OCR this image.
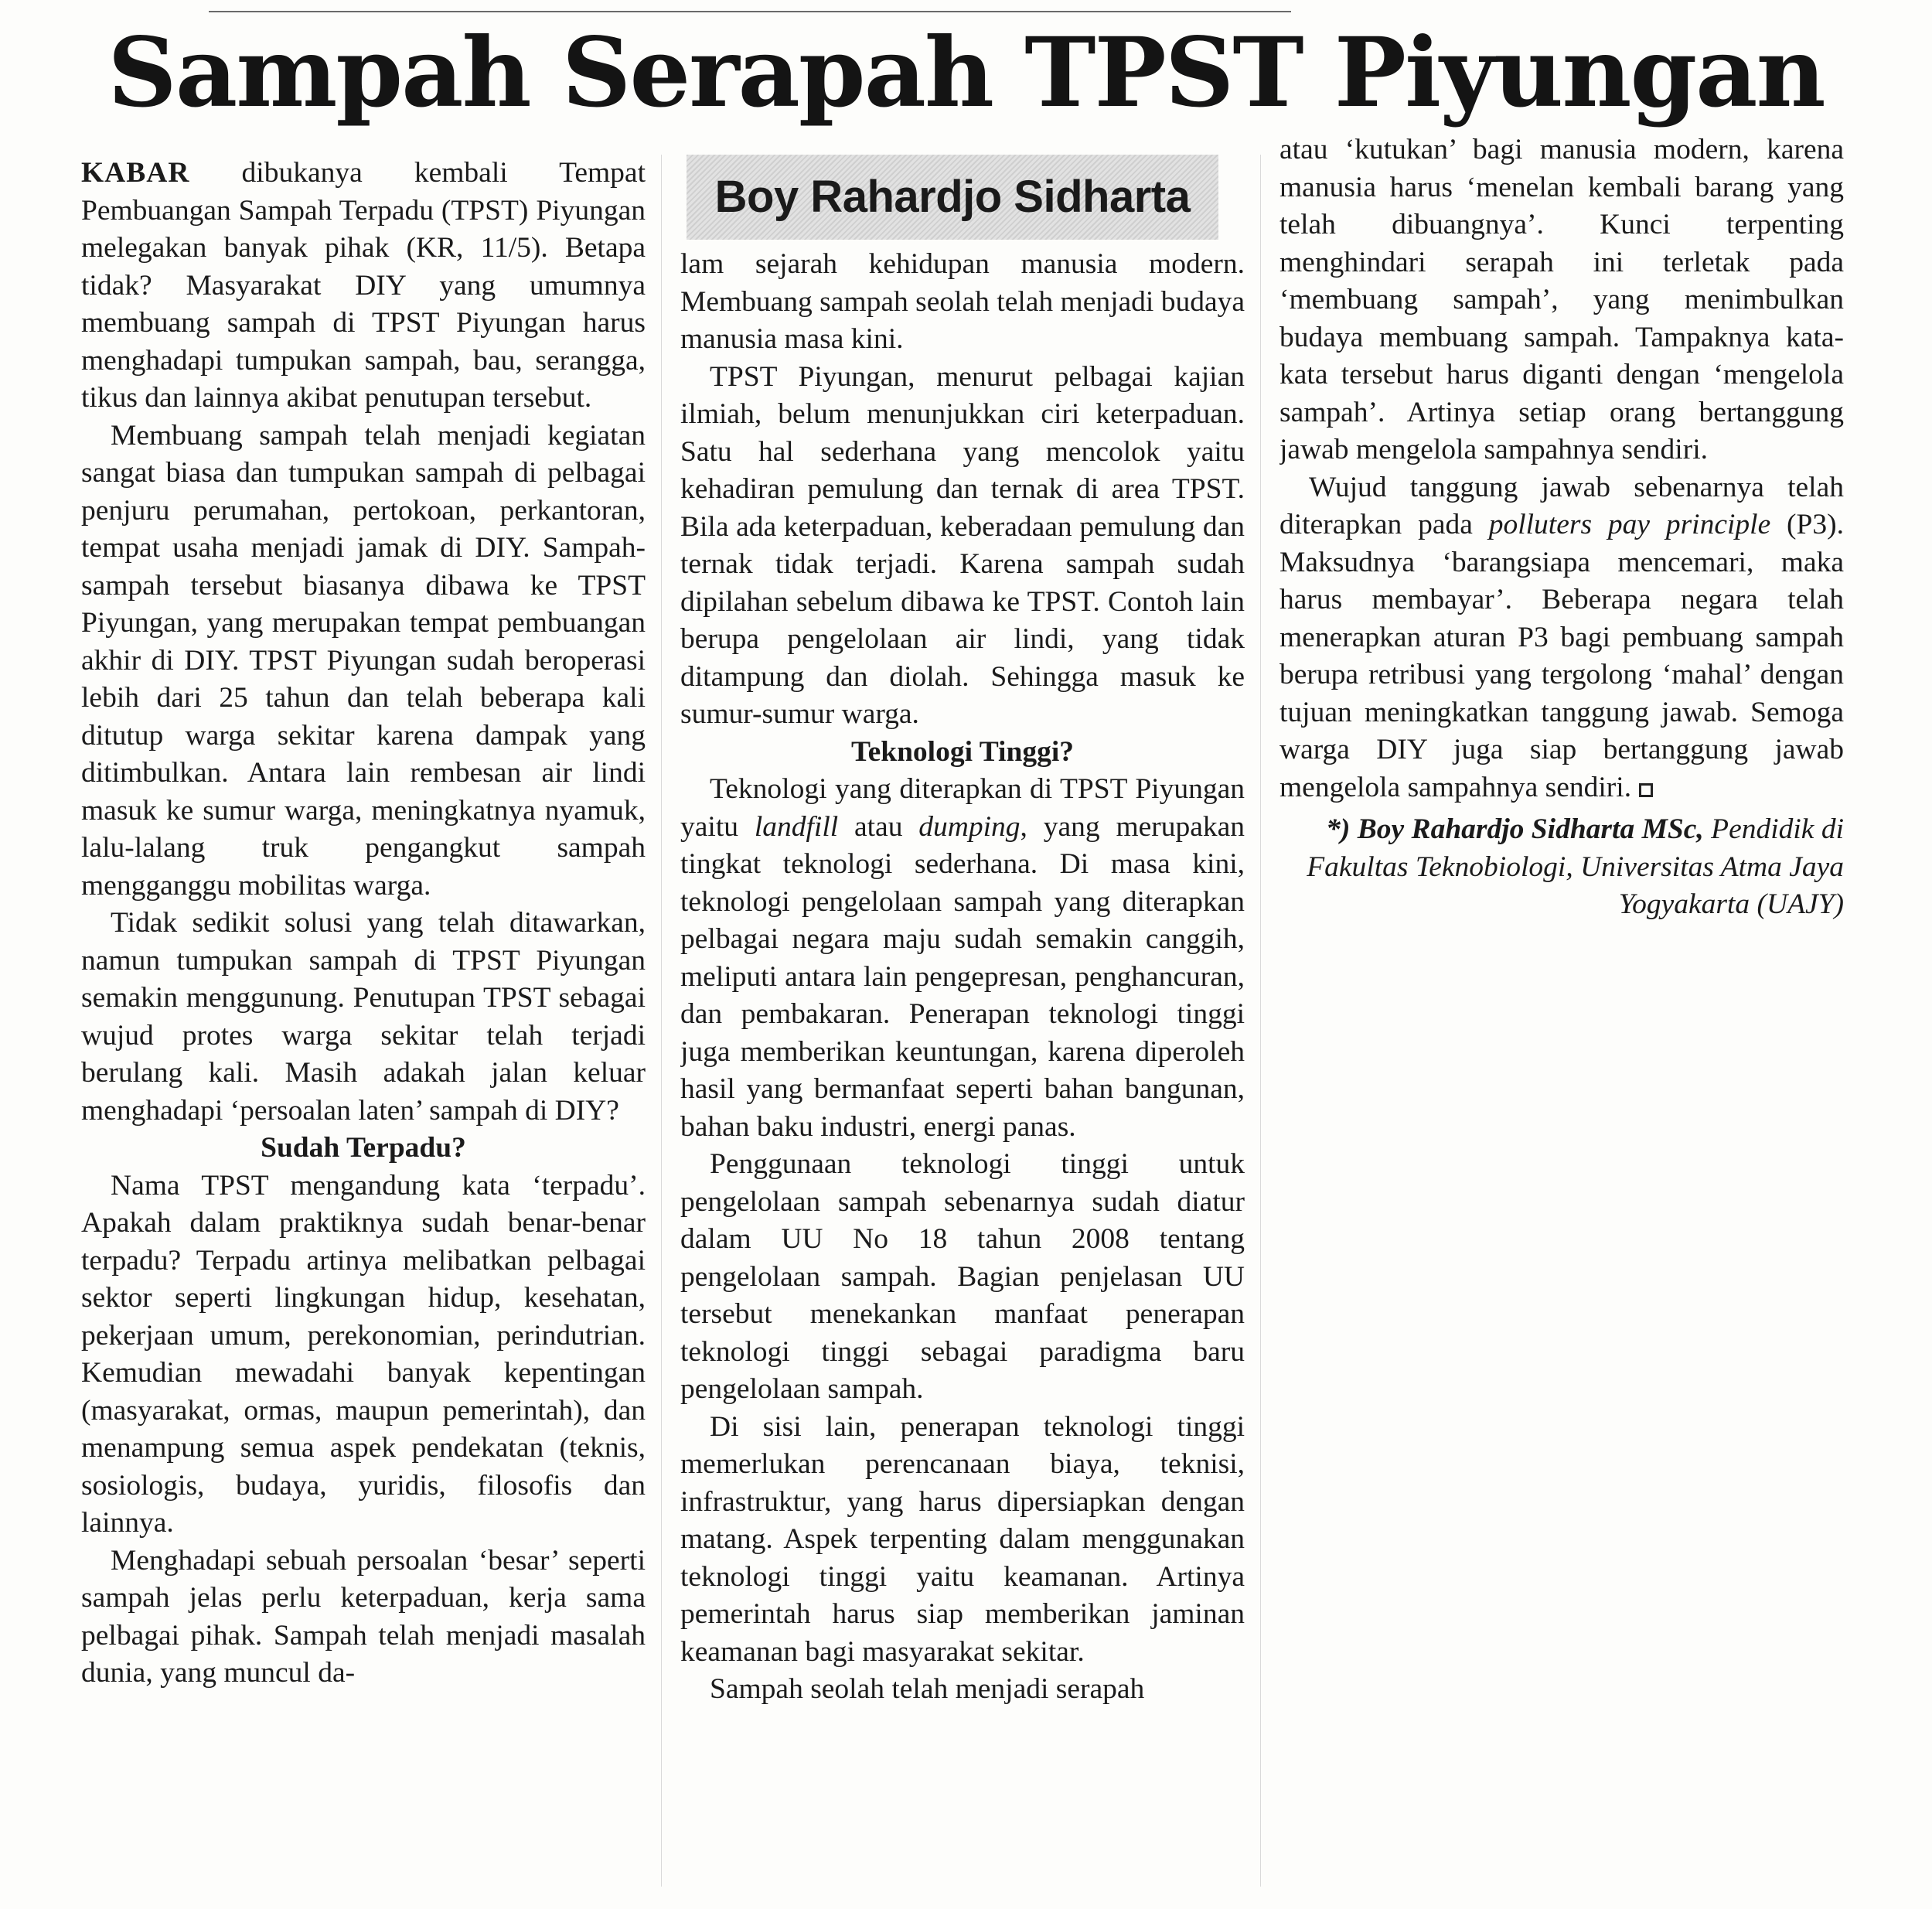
Sampah Serapah TPST Piyungan

KABAR dibukanya kembali Tempat Pembuangan Sampah Terpadu (TPST) Piyungan melegakan banyak pihak (KR, 11/5). Betapa tidak? Masyarakat DIY yang umumnya membuang sampah di TPST Piyungan harus menghadapi tumpukan sampah, bau, serangga, tikus dan lainnya akibat penutupan tersebut.

Membuang sampah telah menjadi kegiatan sangat biasa dan tumpukan sampah di pelbagai penjuru perumahan, pertokoan, perkantoran, tempat usaha menjadi jamak di DIY. Sampah-sampah tersebut biasanya dibawa ke TPST Piyungan, yang merupakan tempat pembuangan akhir di DIY. TPST Piyungan sudah beroperasi lebih dari 25 tahun dan telah beberapa kali ditutup warga sekitar karena dampak yang ditimbulkan. Antara lain rembesan air lindi masuk ke sumur warga, meningkatnya nyamuk, lalu-lalang truk pengangkut sampah mengganggu mobilitas warga.

Tidak sedikit solusi yang telah ditawarkan, namun tumpukan sampah di TPST Piyungan semakin menggunung. Penutupan TPST sebagai wujud protes warga sekitar telah terjadi berulang kali. Masih adakah jalan keluar menghadapi ‘persoalan laten’ sampah di DIY?

Sudah Terpadu?

Nama TPST mengandung kata ‘terpadu’. Apakah dalam praktiknya sudah benar-benar terpadu? Terpadu artinya melibatkan pelbagai sektor seperti lingkungan hidup, kesehatan, pekerjaan umum, perekonomian, perindutrian. Kemudian mewadahi banyak kepentingan (masyarakat, ormas, maupun pemerintah), dan menampung semua aspek pendekatan (teknis, sosiologis, budaya, yuridis, filosofis dan lainnya.

Menghadapi sebuah persoalan ‘besar’ seperti sampah jelas perlu keterpaduan, kerja sama pelbagai pihak. Sampah telah menjadi masalah dunia, yang muncul da-

Boy Rahardjo Sidharta

lam sejarah kehidupan manusia modern. Membuang sampah seolah telah menjadi budaya manusia masa kini.

TPST Piyungan, menurut pelbagai kajian ilmiah, belum menunjukkan ciri keterpaduan. Satu hal sederhana yang mencolok yaitu kehadiran pemulung dan ternak di area TPST. Bila ada keterpaduan, keberadaan pemulung dan ternak tidak terjadi. Karena sampah sudah dipilahan sebelum dibawa ke TPST. Contoh lain berupa pengelolaan air lindi, yang tidak ditampung dan diolah. Sehingga masuk ke sumur-sumur warga.

Teknologi Tinggi?

Teknologi yang diterapkan di TPST Piyungan yaitu landfill atau dumping, yang merupakan tingkat teknologi sederhana. Di masa kini, teknologi pengelolaan sampah yang diterapkan pelbagai negara maju sudah semakin canggih, meliputi antara lain pengepresan, penghancuran, dan pembakaran. Penerapan teknologi tinggi juga memberikan keuntungan, karena diperoleh hasil yang bermanfaat seperti bahan bangunan, bahan baku industri, energi panas.

Penggunaan teknologi tinggi untuk pengelolaan sampah sebenarnya sudah diatur dalam UU No 18 tahun 2008 tentang pengelolaan sampah. Bagian penjelasan UU tersebut menekankan manfaat penerapan teknologi tinggi sebagai paradigma baru pengelolaan sampah.

Di sisi lain, penerapan teknologi tinggi memerlukan perencanaan biaya, teknisi, infrastruktur, yang harus dipersiapkan dengan matang. Aspek terpenting dalam menggunakan teknologi tinggi yaitu keamanan. Artinya pemerintah harus siap memberikan jaminan keamanan bagi masyarakat sekitar.

Sampah seolah telah menjadi serapah

atau ‘kutukan’ bagi manusia modern, karena manusia harus ‘menelan kembali barang yang telah dibuangnya’. Kunci terpenting menghindari serapah ini terletak pada ‘membuang sampah’, yang menimbulkan budaya membuang sampah. Tampaknya kata-kata tersebut harus diganti dengan ‘mengelola sampah’. Artinya setiap orang bertanggung jawab mengelola sampahnya sendiri.

Wujud tanggung jawab sebenarnya telah diterapkan pada polluters pay principle (P3). Maksudnya ‘barangsiapa mencemari, maka harus membayar’. Beberapa negara telah menerapkan aturan P3 bagi pembuang sampah berupa retribusi yang tergolong ‘mahal’ dengan tujuan meningkatkan tanggung jawab. Semoga warga DIY juga siap bertanggung jawab mengelola sampahnya sendiri.

*) Boy Rahardjo Sidharta MSc, Pendidik di Fakultas Teknobiologi, Universitas Atma Jaya Yogyakarta (UAJY)
